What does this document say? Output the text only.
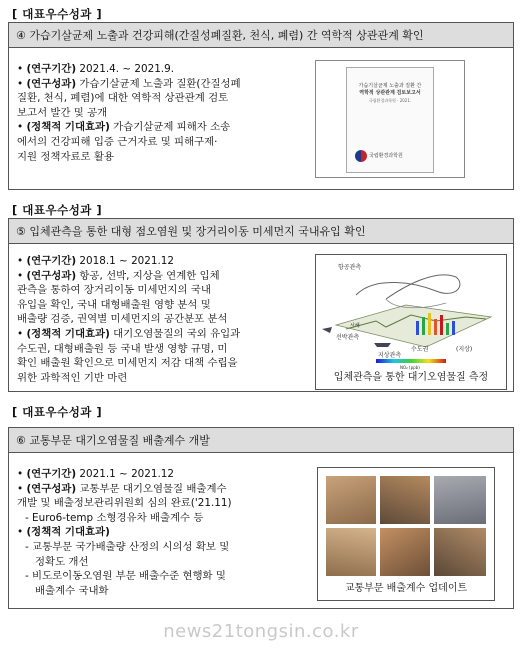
[ 대표우수성과 ]
④ 가습기살균제 노출과 건강피해(간질성폐질환, 천식, 폐렴) 간 역학적 상관관계 확인

• (연구기간) 2021.4. ~ 2021.9.

• (연구성과) 가습기살균제 노출과 질환(간질성폐

질환, 천식, 폐렴)에 대한 역학적 상관관계 검토

보고서 발간 및 공개

• (정책적 기대효과) 가습기살균제 피해자 소송

에서의 건강피해 입증 근거자료 및 피해구제·

지원 정책자료로 활용

가습기살균제 노출과 질환 간
역학적 상관관계 검토보고서
국립환경과학원 · 2021.
국립환경과학원
[ 대표우수성과 ]
⑤ 입체관측을 통한 대형 점오염원 및 장거리이동 미세먼지 국내유입 확인

• (연구기간) 2018.1 ~ 2021.12

• (연구성과) 항공, 선박, 지상을 연계한 입체

관측을 통하여 장거리이동 미세먼지의 국내

유입을 확인, 국내 대형배출원 영향 분석 및

배출량 검증, 권역별 미세먼지의 공간분포 분석

• (정책적 기대효과) 대기오염물질의 국외 유입과

수도권, 대형배출원 등 국내 발생 영향 규명, 미

확인 배출원 확인으로 미세먼지 저감 대책 수립을

위한 과학적인 기반 마련

항공관측
선박관측
지상관측
수도권
서해
(지상)
NO₂ (ppb)
입체관측을 통한 대기오염물질 측정
[ 대표우수성과 ]
⑥ 교통부문 대기오염물질 배출계수 개발

• (연구기간) 2021.1 ~ 2021.12

• (연구성과) 교통부문 대기오염물질 배출계수

개발 및 배출정보관리위원회 심의 완료('21.11)

- Euro6-temp 소형경유차 배출계수 등

• (정책적 기대효과)

- 교통부문 국가배출량 산정의 시의성 확보 및

정확도 개선

- 비도로이동오염원 부문 배출수준 현행화 및

배출계수 국내화	교통부문 배출계수 업데이트
news21tongsin.co.kr
